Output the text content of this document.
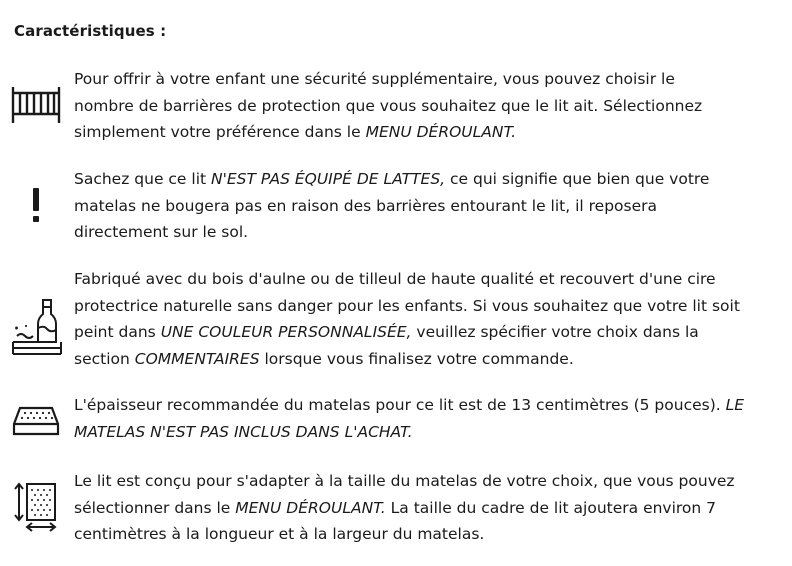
Caractéristiques :
Pour offrir à votre enfant une sécurité supplémentaire, vous pouvez choisir le
nombre de barrières de protection que vous souhaitez que le lit ait. Sélectionnez
simplement votre préférence dans le MENU DÉROULANT.
Sachez que ce lit N'EST PAS ÉQUIPÉ DE LATTES, ce qui signifie que bien que votre
matelas ne bougera pas en raison des barrières entourant le lit, il reposera
directement sur le sol.
Fabriqué avec du bois d'aulne ou de tilleul de haute qualité et recouvert d'une cire
protectrice naturelle sans danger pour les enfants. Si vous souhaitez que votre lit soit
peint dans UNE COULEUR PERSONNALISÉE, veuillez spécifier votre choix dans la
section COMMENTAIRES lorsque vous finalisez votre commande.
L'épaisseur recommandée du matelas pour ce lit est de 13 centimètres (5 pouces). LE
MATELAS N'EST PAS INCLUS DANS L'ACHAT.
Le lit est conçu pour s'adapter à la taille du matelas de votre choix, que vous pouvez
sélectionner dans le MENU DÉROULANT. La taille du cadre de lit ajoutera environ 7
centimètres à la longueur et à la largeur du matelas.
